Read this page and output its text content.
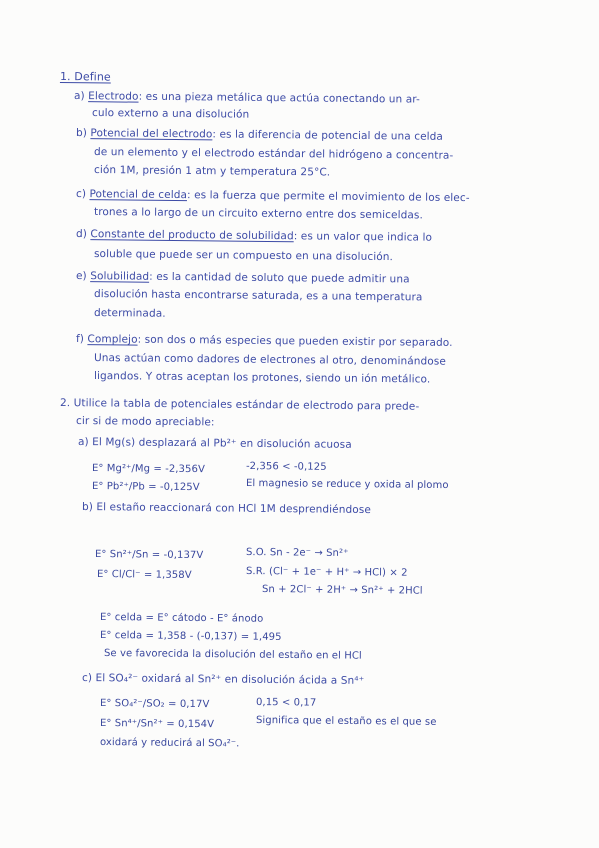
1. Define
a) Electrodo: es una pieza metálica que actúa conectando un ar-
culo externo a una disolución
b) Potencial del electrodo: es la diferencia de potencial de una celda
de un elemento y el electrodo estándar del hidrógeno a concentra-
ción 1M, presión 1 atm y temperatura 25°C.
c) Potencial de celda: es la fuerza que permite el movimiento de los elec-
trones a lo largo de un circuito externo entre dos semiceldas.
d) Constante del producto de solubilidad: es un valor que indica lo
soluble que puede ser un compuesto en una disolución.
e) Solubilidad: es la cantidad de soluto que puede admitir una
disolución hasta encontrarse saturada, es a una temperatura
determinada.
f) Complejo: son dos o más especies que pueden existir por separado.
Unas actúan como dadores de electrones al otro, denominándose
ligandos. Y otras aceptan los protones, siendo un ión metálico.
2. Utilice la tabla de potenciales estándar de electrodo para prede-
cir si de modo apreciable:
a) El Mg(s) desplazará al Pb²⁺ en disolución acuosa
E° Mg²⁺/Mg = -2,356V	-2,356 < -0,125
E° Pb²⁺/Pb = -0,125V	El magnesio se reduce y oxida al plomo
b) El estaño reaccionará con HCl 1M desprendiéndose
E° Sn²⁺/Sn = -0,137V	S.O. Sn - 2e⁻ → Sn²⁺
E° Cl/Cl⁻ = 1,358V	S.R. (Cl⁻ + 1e⁻ + H⁺ → HCl) × 2
Sn + 2Cl⁻ + 2H⁺ → Sn²⁺ + 2HCl
E° celda = E° cátodo - E° ánodo
E° celda = 1,358 - (-0,137) = 1,495
Se ve favorecida la disolución del estaño en el HCl
c) El SO₄²⁻ oxidará al Sn²⁺ en disolución ácida a Sn⁴⁺
E° SO₄²⁻/SO₂ = 0,17V	0,15 < 0,17
E° Sn⁴⁺/Sn²⁺ = 0,154V	Significa que el estaño es el que se
oxidará y reducirá al SO₄²⁻.
